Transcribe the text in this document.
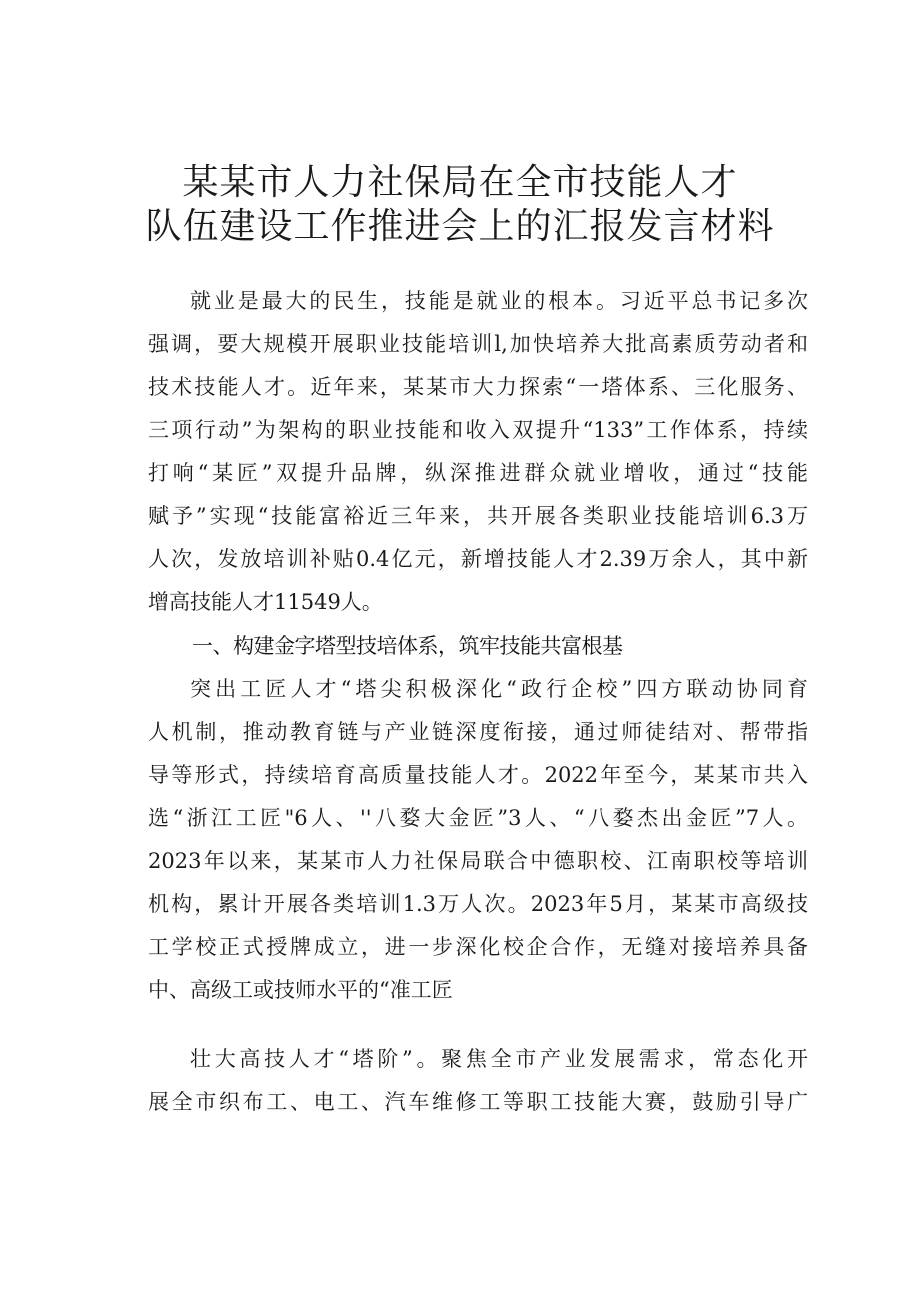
某某市人力社保局在全市技能人才
队伍建设工作推进会上的汇报发言材料
就业是最大的民生，技能是就业的根本。习近平总书记多次
强调，要大规模开展职业技能培训l,加快培养大批高素质劳动者和
技术技能人才。近年来，某某市大力探索“一塔体系、三化服务、
三项行动”为架构的职业技能和收入双提升“133”工作体系，持续
打响“某匠”双提升品牌，纵深推进群众就业增收，通过“技能
赋予”实现“技能富裕近三年来，共开展各类职业技能培训6.3万
人次，发放培训补贴0.4亿元，新增技能人才2.39万余人，其中新
增高技能人才11549人。
一、构建金字塔型技培体系，筑牢技能共富根基
突出工匠人才“塔尖积极深化“政行企校”四方联动协同育
人机制，推动教育链与产业链深度衔接，通过师徒结对、帮带指
导等形式，持续培育高质量技能人才。2022年至今，某某市共入
选“浙江工匠"6人、''八婺大金匠”3人、“八婺杰出金匠”7人。
2023年以来，某某市人力社保局联合中德职校、江南职校等培训
机构，累计开展各类培训1.3万人次。2023年5月，某某市高级技
工学校正式授牌成立，进一步深化校企合作，无缝对接培养具备
中、高级工或技师水平的“准工匠
壮大高技人才“塔阶”。聚焦全市产业发展需求，常态化开
展全市织布工、电工、汽车维修工等职工技能大赛，鼓励引导广
